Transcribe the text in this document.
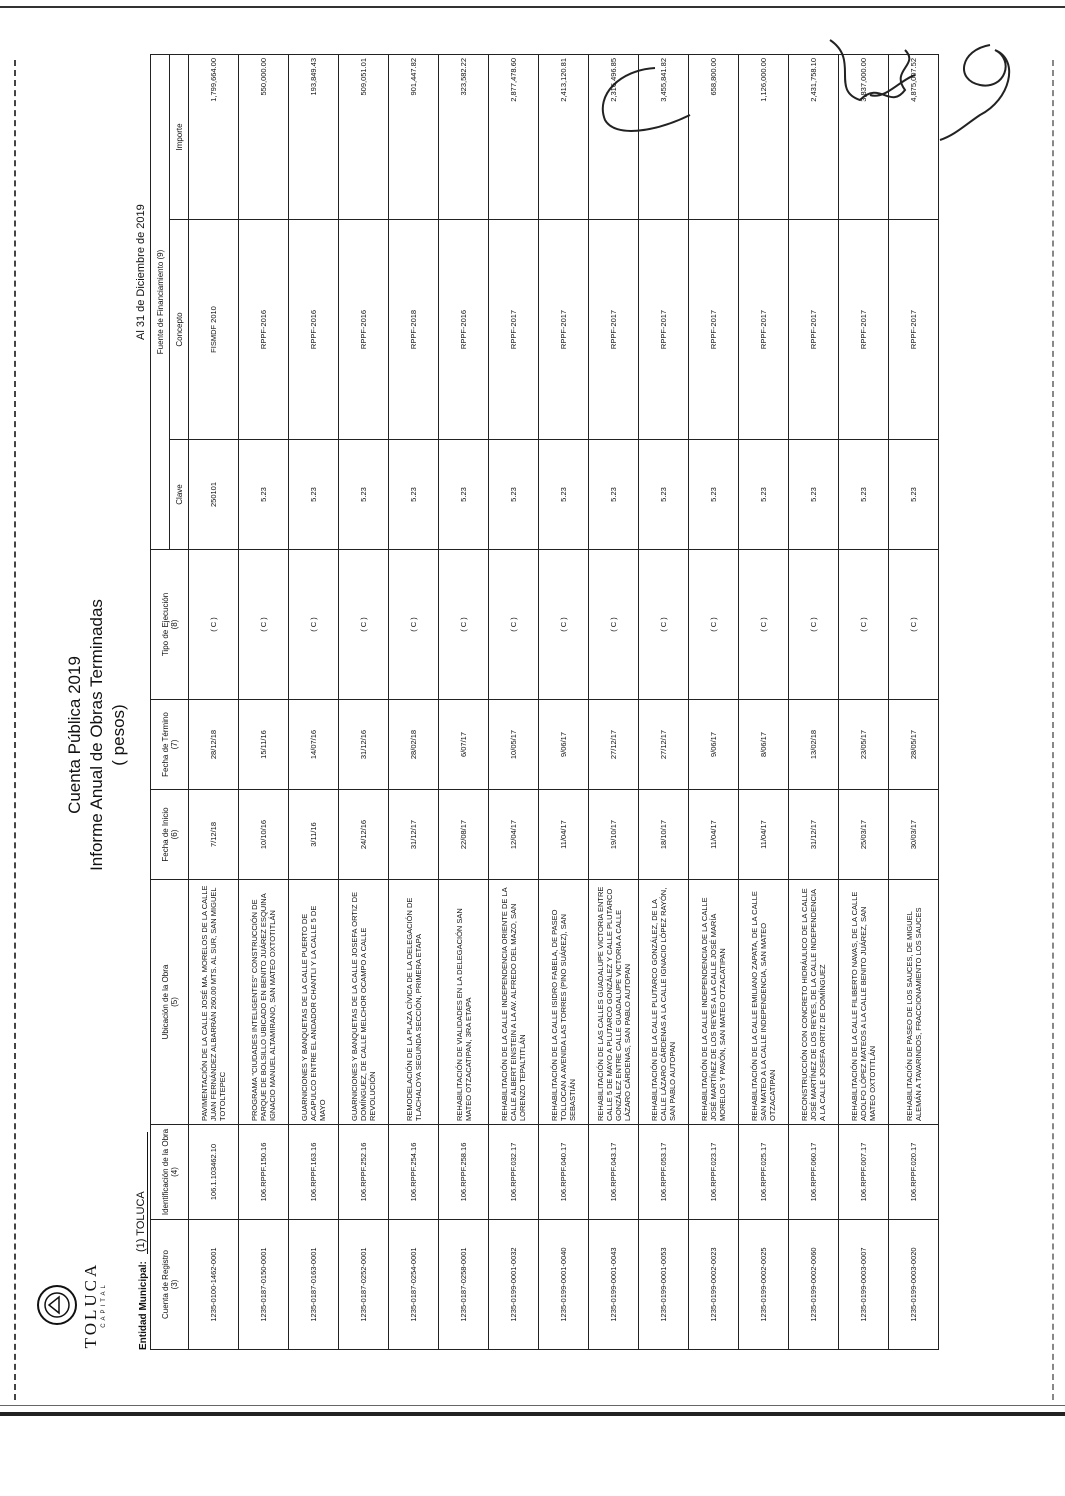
TOLUCA CAPITAL
Cuenta Pública 2019 Informe Anual de Obras Terminadas ( pesos)
Entidad Municipal:
(1) TOLUCA
Al 31 de Diciembre de 2019
Cuenta de Registro
(3)	Identificación de la Obra
(4)	Ubicación de la Obra
(5)	Fecha de Inicio
(6)	Fecha de Término
(7)	Tipo de Ejecución
(8)	Fuente de Financiamiento (9)		
						Clave	Concepto	Importe
1235-0100-1462-0001	106.1.103462.10	PAVIMENTACIÓN DE LA CALLE JOSÉ MA. MORELOS DE LA CALLE JUAN FERNÁNDEZ ALBARRÁN 260.00 MTS. AL SUR, SAN MIGUEL TOTOLTEPEC	7/12/18	28/12/18	( C )	250101	FISMDF 2010	1,799,664.00
1235-0187-0150-0001	106.RPPF.150.16	PROGRAMA "CIUDADES INTELIGENTES" CONSTRUCCIÓN DE PARQUE DE BOLSILLO UBICADO EN BENITO JUÁREZ ESQUINA IGNACIO MANUEL ALTAMIRANO, SAN MATEO OXTOTITLÁN	10/10/16	15/11/16	( C )	5.23	RPPF-2016	550,000.00
1235-0187-0163-0001	106.RPPF.163.16	GUARNICIONES Y BANQUETAS DE LA CALLE PUERTO DE ACAPULCO ENTRE EL ANDADOR CHANTLI Y LA CALLE 5 DE MAYO	3/11/16	14/07/16	( C )	5.23	RPPF-2016	193,849.43
1235-0187-0252-0001	106.RPPF.252.16	GUARNICIONES Y BANQUETAS DE LA CALLE JOSEFA ORTIZ DE DOMÍNGUEZ, DE CALLE MELCHOR OCAMPO A CALLE REVOLUCIÓN	24/12/16	31/12/16	( C )	5.23	RPPF-2016	509,051.01
1235-0187-0254-0001	106.RPPF.254.16	REMODELACIÓN DE LA PLAZA CÍVICA DE LA DELEGACIÓN DE TLACHALOYA SEGUNDA SECCIÓN, PRIMERA ETAPA	31/12/17	28/02/18	( C )	5.23	RPPF-2018	901,447.82
1235-0187-0258-0001	106.RPPF.258.16	REHABILITACIÓN DE VIALIDADES EN LA DELEGACIÓN SAN MATEO OTZACATIPAN, 3RA ETAPA	22/08/17	6/07/17	( C )	5.23	RPPF-2016	323,582.22
1235-0199-0001-0032	106.RPPF.032.17	REHABILITACIÓN DE LA CALLE INDEPENDENCIA ORIENTE DE LA CALLE ALBERT EINSTEIN A LA AV. ALFREDO DEL MAZO, SAN LORENZO TEPALTITLÁN	12/04/17	10/05/17	( C )	5.23	RPPF-2017	2,877,478.60
1235-0199-0001-0040	106.RPPF.040.17	REHABILITACIÓN DE LA CALLE ISIDRO FABELA, DE PASEO TOLLOCAN A AVENIDA LAS TORRES (PINO SUÁREZ), SAN SEBASTIÁN	11/04/17	9/06/17	( C )	5.23	RPPF-2017	2,413,120.81
1235-0199-0001-0043	106.RPPF.043.17	REHABILITACIÓN DE LAS CALLES GUADALUPE VICTORIA ENTRE CALLE 5 DE MAYO A PLUTARCO GONZÁLEZ Y CALLE PLUTARCO GONZÁLEZ ENTRE CALLE GUADALUPE VICTORIA A CALLE LÁZARO CÁRDENAS, SAN PABLO AUTOPAN	19/10/17	27/12/17	( C )	5.23	RPPF-2017	2,316,496.85
1235-0199-0001-0053	106.RPPF.053.17	REHABILITACIÓN DE LA CALLE PLUTARCO GONZÁLEZ, DE LA CALLE LÁZARO CÁRDENAS A LA CALLE IGNACIO LÓPEZ RAYÓN, SAN PABLO AUTOPAN	18/10/17	27/12/17	( C )	5.23	RPPF-2017	3,455,841.82
1235-0199-0002-0023	106.RPPF.023.17	REHABILITACIÓN DE LA CALLE INDEPENDENCIA DE LA CALLE JOSÉ MARTÍNEZ DE LOS REYES A LA CALLE JOSÉ MARÍA MORELOS Y PAVÓN, SAN MATEO OTZACATIPAN	11/04/17	9/06/17	( C )	5.23	RPPF-2017	658,800.00
1235-0199-0002-0025	106.RPPF.025.17	REHABILITACIÓN DE LA CALLE EMILIANO ZAPATA, DE LA CALLE SAN MATEO A LA CALLE INDEPENDENCIA, SAN MATEO OTZACATIPAN	11/04/17	8/06/17	( C )	5.23	RPPF-2017	1,126,000.00
1235-0199-0002-0060	106.RPPF.060.17	RECONSTRUCCIÓN CON CONCRETO HIDRÁULICO DE LA CALLE JOSÉ MARTÍNEZ DE LOS REYES, DE LA CALLE INDEPENDENCIA A LA CALLE JOSEFA ORTIZ DE DOMÍNGUEZ	31/12/17	13/02/18	( C )	5.23	RPPF-2017	2,431,758.10
1235-0199-0003-0007	106.RPPF.007.17	REHABILITACIÓN DE LA CALLE FILIBERTO NAVAS, DE LA CALLE ADOLFO LÓPEZ MATEOS A LA CALLE BENITO JUÁREZ, SAN MATEO OXTOTITLÁN	25/03/17	23/05/17	( C )	5.23	RPPF-2017	3,837,000.00
1235-0199-0003-0020	106.RPPF.020.17	REHABILITACIÓN DE PASEO DE LOS SAUCES, DE MIGUEL ALEMÁN A TAVARINDOS, FRACCIONAMIENTO LOS SAUCES	30/03/17	28/05/17	( C )	5.23	RPPF-2017	4,875,007.52
